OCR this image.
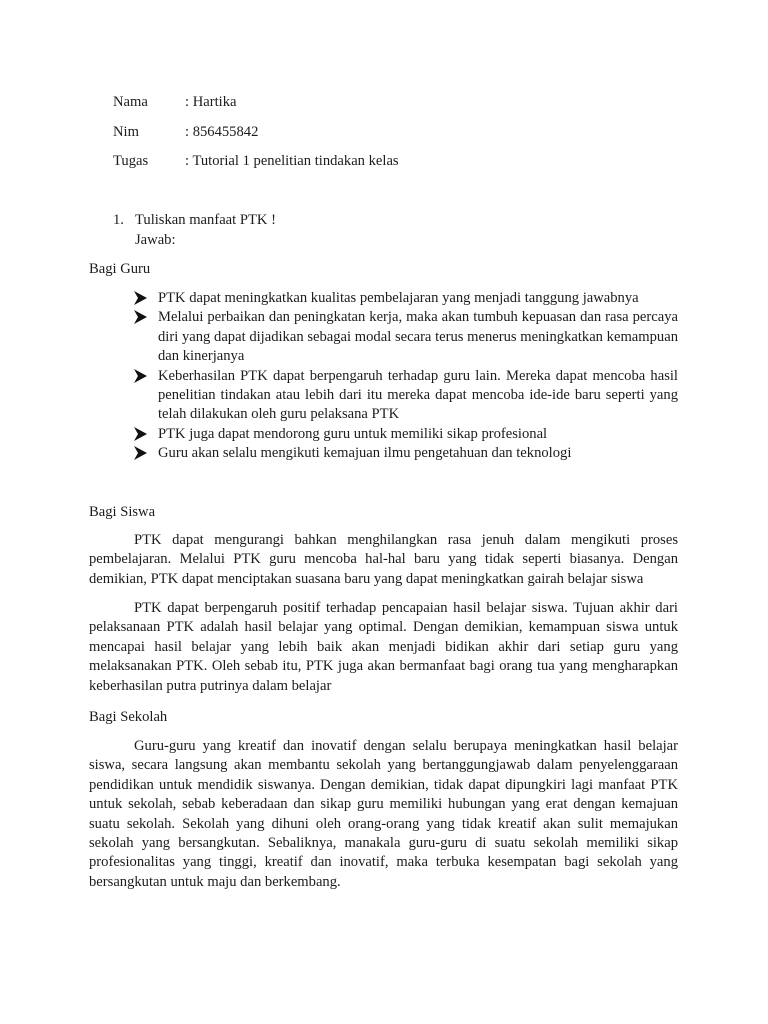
Nama	: Hartika
Nim	: 856455842
Tugas	: Tutorial 1 penelitian tindakan kelas
1. Tuliskan manfaat PTK !
Jawab:
Bagi Guru
PTK dapat meningkatkan kualitas pembelajaran yang menjadi tanggung jawabnya
Melalui perbaikan dan peningkatan kerja, maka akan tumbuh kepuasan dan rasa percaya diri yang dapat dijadikan sebagai modal secara terus menerus meningkatkan kemampuan dan kinerjanya
Keberhasilan PTK dapat berpengaruh terhadap guru lain. Mereka dapat mencoba hasil penelitian tindakan atau lebih dari itu mereka dapat mencoba ide-ide baru seperti yang telah dilakukan oleh guru pelaksana PTK
PTK juga dapat mendorong guru untuk memiliki sikap profesional
Guru akan selalu mengikuti kemajuan ilmu pengetahuan dan teknologi
Bagi Siswa

PTK dapat mengurangi bahkan menghilangkan rasa jenuh dalam mengikuti proses pembelajaran. Melalui PTK guru mencoba hal-hal baru yang tidak seperti biasanya. Dengan demikian, PTK dapat menciptakan suasana baru yang dapat meningkatkan gairah belajar siswa

PTK dapat berpengaruh positif terhadap pencapaian hasil belajar siswa. Tujuan akhir dari pelaksanaan PTK adalah hasil belajar yang optimal. Dengan demikian, kemampuan siswa untuk mencapai hasil belajar yang lebih baik akan menjadi bidikan akhir dari setiap guru yang melaksanakan PTK. Oleh sebab itu, PTK juga akan bermanfaat bagi orang tua yang mengharapkan keberhasilan putra putrinya dalam belajar

Bagi Sekolah

Guru-guru yang kreatif dan inovatif dengan selalu berupaya meningkatkan hasil belajar siswa, secara langsung akan membantu sekolah yang bertanggungjawab dalam penyelenggaraan pendidikan untuk mendidik siswanya. Dengan demikian, tidak dapat dipungkiri lagi manfaat PTK untuk sekolah, sebab keberadaan dan sikap guru memiliki hubungan yang erat dengan kemajuan suatu sekolah. Sekolah yang dihuni oleh orang-orang yang tidak kreatif akan sulit memajukan sekolah yang bersangkutan. Sebaliknya, manakala guru-guru di suatu sekolah memiliki sikap profesionalitas yang tinggi, kreatif dan inovatif, maka terbuka kesempatan bagi sekolah yang bersangkutan untuk maju dan berkembang.
